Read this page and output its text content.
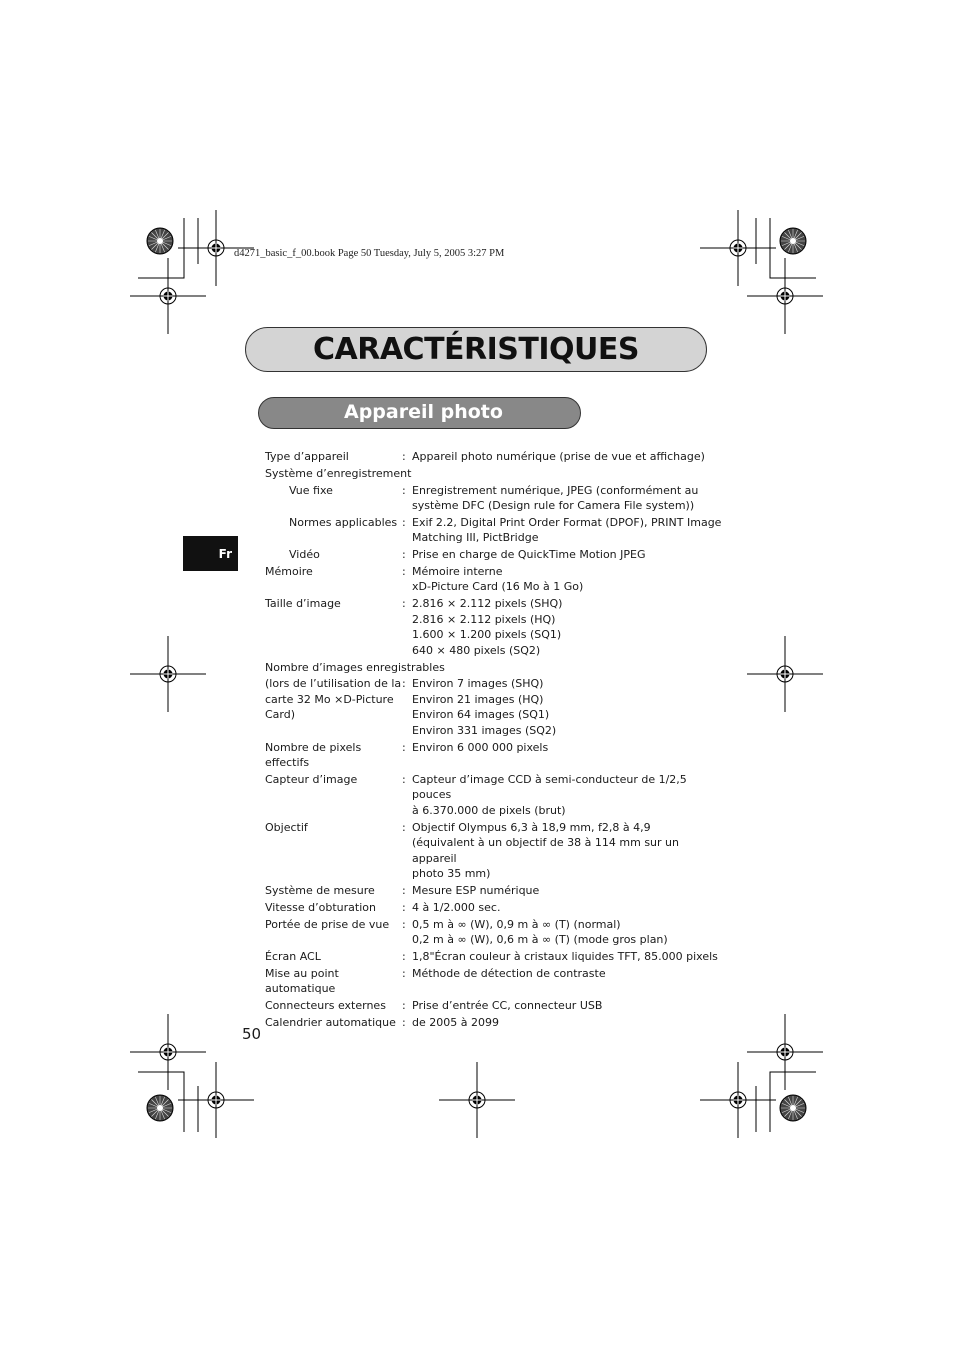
d4271_basic_f_00.book Page 50 Tuesday, July 5, 2005 3:27 PM
CARACTÉRISTIQUES
Appareil photo
Fr
Type d’appareil	: Appareil photo numérique (prise de vue et affichage)
Système d’enregistrement
Vue fixe	: Enregistrement numérique, JPEG (conformément au
système DFC (Design rule for Camera File system))
Normes applicables : Exif 2.2, Digital Print Order Format (DPOF), PRINT Image
Matching III, PictBridge
Vidéo	: Prise en charge de QuickTime Motion JPEG
Mémoire	: Mémoire interne
xD-Picture Card (16 Mo à 1 Go)
Taille d’image	: 2.816 × 2.112 pixels (SHQ)
2.816 × 2.112 pixels (HQ)
1.600 × 1.200 pixels (SQ1)
640 × 480 pixels (SQ2)
Nombre d’images enregistrables
(lors de l’utilisation de la
carte 32 Mo ×D-Picture
Card)
: Environ 7 images (SHQ)
Environ 21 images (HQ)
Environ 64 images (SQ1)
Environ 331 images (SQ2)
Nombre de pixels effectifs
: Environ 6 000 000 pixels
Capteur d’image	: Capteur d’image CCD à semi-conducteur de 1/2,5 pouces
à 6.370.000 de pixels (brut)
Objectif	: Objectif Olympus 6,3 à 18,9 mm, f2,8 à 4,9
(équivalent à un objectif de 38 à 114 mm sur un appareil
photo 35 mm)
Système de mesure	: Mesure ESP numérique
Vitesse d’obturation	: 4 à 1/2.000 sec.
Portée de prise de vue	: 0,5 m à ∞ (W), 0,9 m à ∞ (T) (normal)
0,2 m à ∞ (W), 0,6 m à ∞ (T) (mode gros plan)
Écran ACL	: 1,8"Écran couleur à cristaux liquides TFT, 85.000 pixels
Mise au point
automatique
: Méthode de détection de contraste
Connecteurs externes	: Prise d’entrée CC, connecteur USB
Calendrier automatique : de 2005 à 2099
50
